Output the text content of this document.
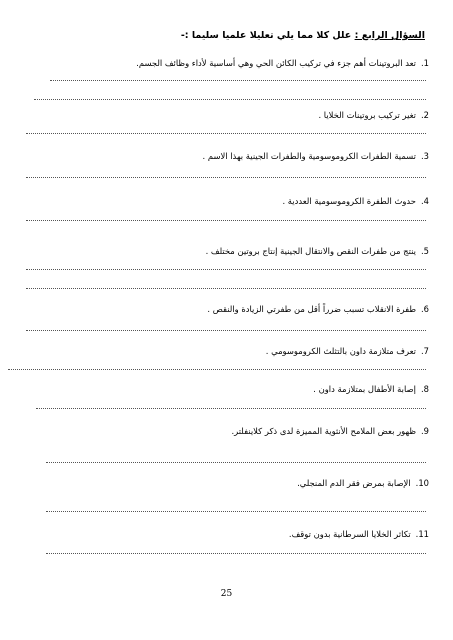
السؤال الرابع : علل كلا مما يلي تعليلا علميا سليما :-
1.تعد البروتينات أهم جزء في تركيب الكائن الحي وهي أساسية لأداء وظائف الجسم.
2.تغير تركيب بروتينات الخلايا .
3.تسمية الطفرات الكروموسومية والطفرات الجينية بهذا الاسم .
4.حدوث الطفرة الكروموسومية العددية .
5.ينتج من طفرات النقص والانتقال الجينية إنتاج بروتين مختلف .
6.طفرة الانقلاب تسبب ضرراً أقل من طفرتي الزيادة والنقص .
7.تعرف متلازمة داون بالتثلث الكروموسومي .
8.إصابة الأطفال بمتلازمة داون .
9.ظهور بعض الملامح الأنثوية المميزة لدى ذكر كلاينفلتر.
10.الإصابة بمرض فقر الدم المنجلي.
11.تكاثر الخلايا السرطانية بدون توقف.
25
